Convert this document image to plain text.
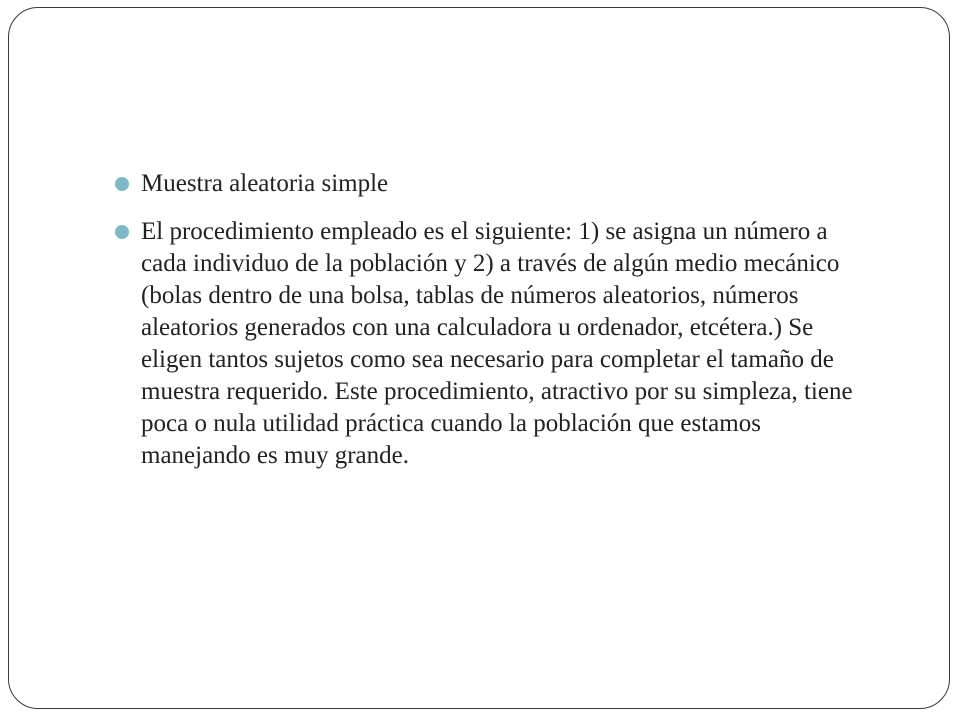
Muestra aleatoria simple
El procedimiento empleado es el siguiente: 1) se asigna un número a cada individuo de la población y 2) a través de algún medio mecánico (bolas dentro de una bolsa, tablas de números aleatorios, números aleatorios generados con una calculadora u ordenador, etcétera.) Se eligen tantos sujetos como sea necesario para completar el tamaño de muestra requerido. Este procedimiento, atractivo por su simpleza, tiene poca o nula utilidad práctica cuando la población que estamos manejando es muy grande.
